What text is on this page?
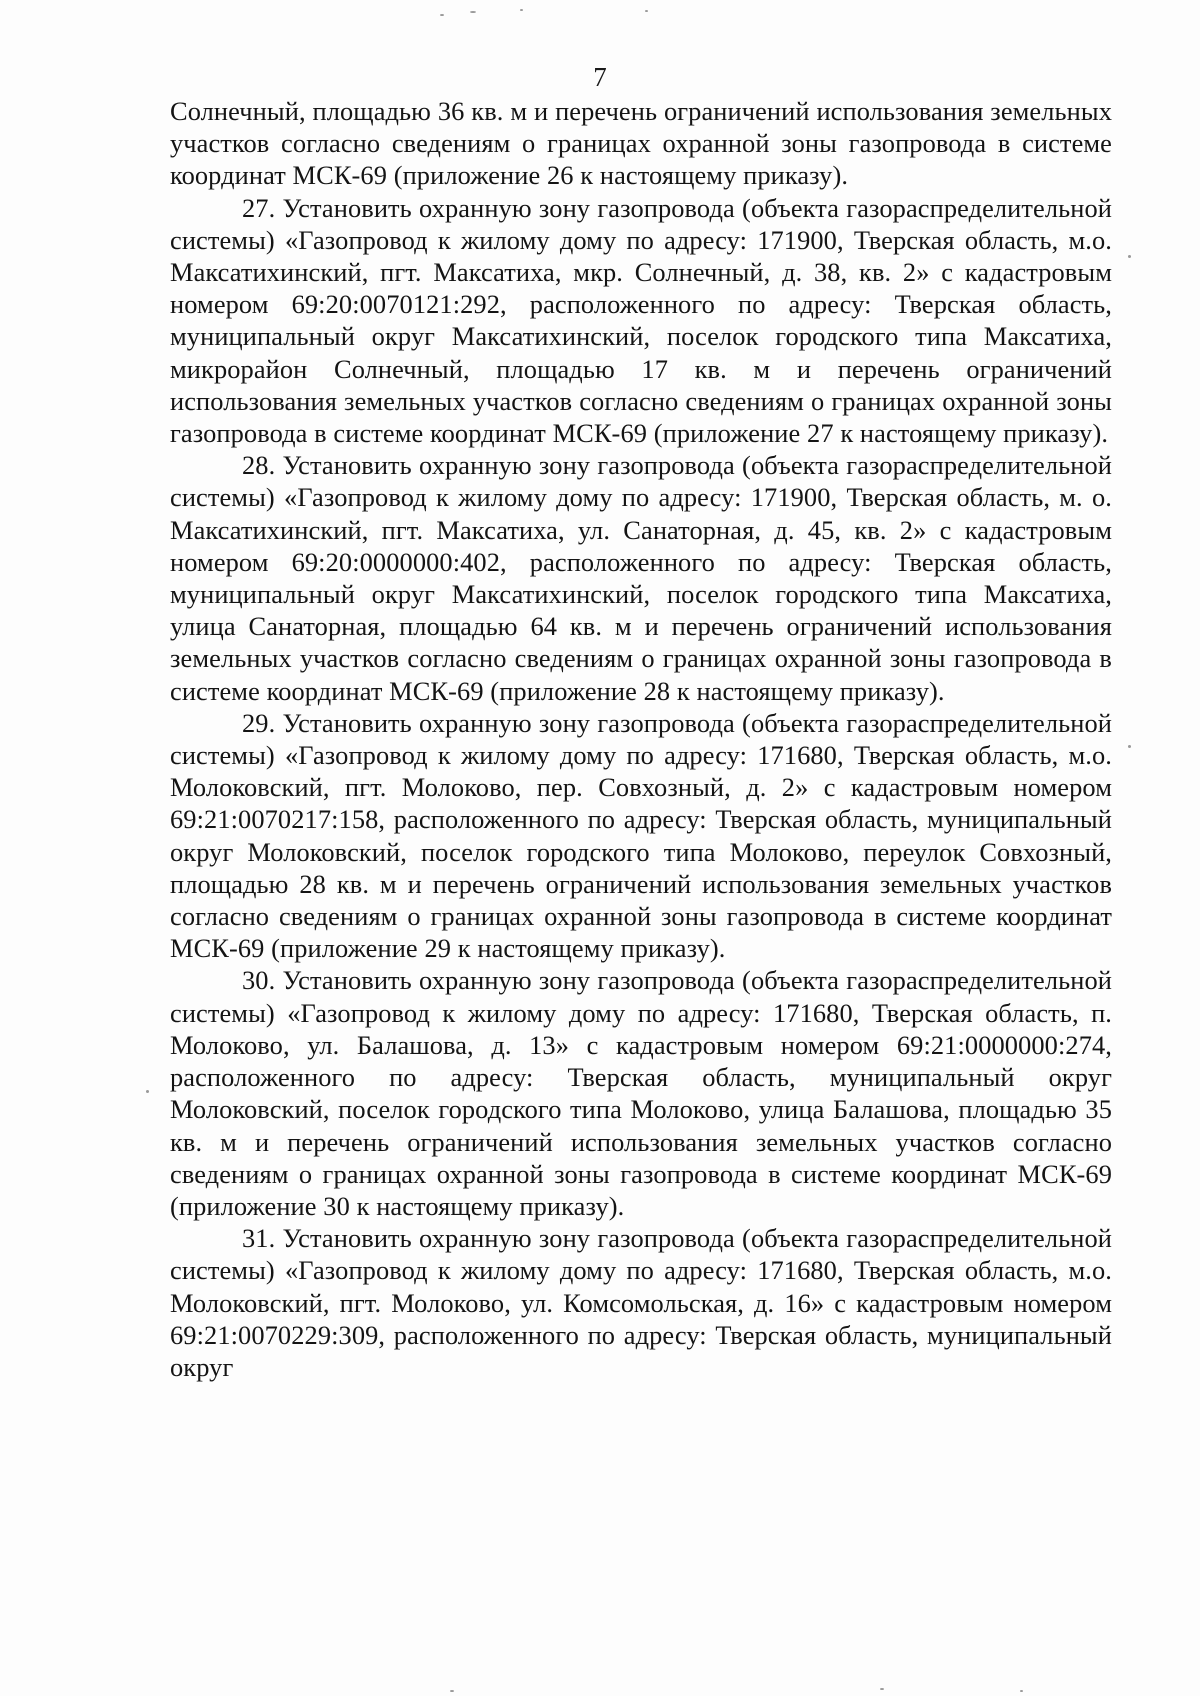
7

Солнечный, площадью 36 кв. м и перечень ограничений использования земельных участков согласно сведениям о границах охранной зоны газопровода в системе координат МСК-69 (приложение 26 к настоящему приказу).

27. Установить охранную зону газопровода (объекта газораспределительной системы) «Газопровод к жилому дому по адресу: 171900, Тверская область, м.о. Максатихинский, пгт. Максатиха, мкр. Солнечный, д. 38, кв. 2» с кадастровым номером 69:20:0070121:292, расположенного по адресу: Тверская область, муниципальный округ Максатихинский, поселок городского типа Максатиха, микрорайон Солнечный, площадью 17 кв. м и перечень ограничений использования земельных участков согласно сведениям о границах охранной зоны газопровода в системе координат МСК-69 (приложение 27 к настоящему приказу).

28. Установить охранную зону газопровода (объекта газораспределительной системы) «Газопровод к жилому дому по адресу: 171900, Тверская область, м. о. Максатихинский, пгт. Максатиха, ул. Санаторная, д. 45, кв. 2» с кадастровым номером 69:20:0000000:402, расположенного по адресу: Тверская область, муниципальный округ Максатихинский, поселок городского типа Максатиха, улица Санаторная, площадью 64 кв. м и перечень ограничений использования земельных участков согласно сведениям о границах охранной зоны газопровода в системе координат МСК-69 (приложение 28 к настоящему приказу).

29. Установить охранную зону газопровода (объекта газораспределительной системы) «Газопровод к жилому дому по адресу: 171680, Тверская область, м.о. Молоковский, пгт. Молоково, пер. Совхозный, д. 2» с кадастровым номером 69:21:0070217:158, расположенного по адресу: Тверская область, муниципальный округ Молоковский, поселок городского типа Молоково, переулок Совхозный, площадью 28 кв. м и перечень ограничений использования земельных участков согласно сведениям о границах охранной зоны газопровода в системе координат МСК-69 (приложение 29 к настоящему приказу).

30. Установить охранную зону газопровода (объекта газораспределительной системы) «Газопровод к жилому дому по адресу: 171680, Тверская область, п. Молоково, ул. Балашова, д. 13» с кадастровым номером 69:21:0000000:274, расположенного по адресу: Тверская область, муниципальный округ Молоковский, поселок городского типа Молоково, улица Балашова, площадью 35 кв. м и перечень ограничений использования земельных участков согласно сведениям о границах охранной зоны газопровода в системе координат МСК-69 (приложение 30 к настоящему приказу).

31. Установить охранную зону газопровода (объекта газораспределительной системы) «Газопровод к жилому дому по адресу: 171680, Тверская область, м.о. Молоковский, пгт. Молоково, ул. Комсомольская, д. 16» с кадастровым номером 69:21:0070229:309, расположенного по адресу: Тверская область, муниципальный округ
